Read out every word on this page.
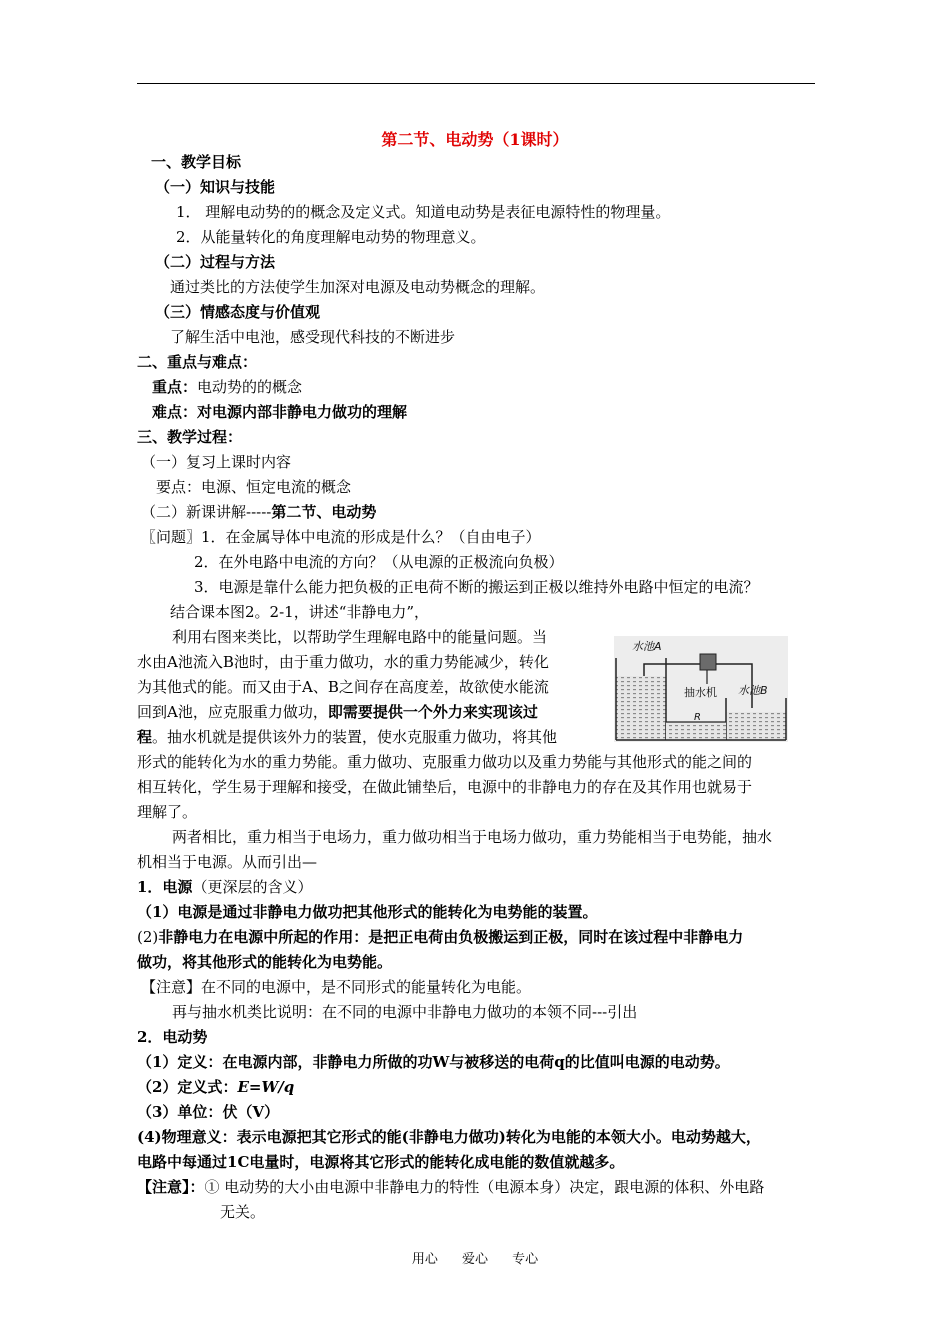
第二节、电动势（1课时）
一、教学目标
（一）知识与技能
1． 理解电动势的的概念及定义式。知道电动势是表征电源特性的物理量。
2．从能量转化的角度理解电动势的物理意义。
（二）过程与方法
通过类比的方法使学生加深对电源及电动势概念的理解。
（三）情感态度与价值观
了解生活中电池，感受现代科技的不断进步
二、重点与难点：
重点：电动势的的概念
难点：对电源内部非静电力做功的理解
三、教学过程：
（一）复习上课时内容
要点：电源、恒定电流的概念
（二）新课讲解-----第二节、电动势
〖问题〗1．在金属导体中电流的形成是什么？（自由电子）
2．在外电路中电流的方向？（从电源的正极流向负极）
3．电源是靠什么能力把负极的正电荷不断的搬运到正极以维持外电路中恒定的电流？
结合课本图2。2-1，讲述“非静电力”，
利用右图来类比，以帮助学生理解电路中的能量问题。当
水由A池流入B池时，由于重力做功，水的重力势能减少，转化
为其他式的能。而又由于A、B之间存在高度差，故欲使水能流
回到A池，应克服重力做功，即需要提供一个外力来实现该过
程。抽水机就是提供该外力的装置，使水克服重力做功，将其他
形式的能转化为水的重力势能。重力做功、克服重力做功以及重力势能与其他形式的能之间的
相互转化，学生易于理解和接受，在做此铺垫后，电源中的非静电力的存在及其作用也就易于
理解了。
两者相比，重力相当于电场力，重力做功相当于电场力做功，重力势能相当于电势能，抽水
机相当于电源。从而引出—
1．电源（更深层的含义）
（1）电源是通过非静电力做功把其他形式的能转化为电势能的装置。
(2)非静电力在电源中所起的作用：是把正电荷由负极搬运到正极，同时在该过程中非静电力
做功，将其他形式的能转化为电势能。
【注意】在不同的电源中，是不同形式的能量转化为电能。
再与抽水机类比说明：在不同的电源中非静电力做功的本领不同---引出
2．电动势
（1）定义：在电源内部，非静电力所做的功W与被移送的电荷q的比值叫电源的电动势。
（2）定义式：E=W/q
（3）单位：伏（V）
(4)物理意义：表示电源把其它形式的能(非静电力做功)转化为电能的本领大小。电动势越大，
电路中每通过1C电量时，电源将其它形式的能转化成电能的数值就越多。
【注意】：① 电动势的大小由电源中非静电力的特性（电源本身）决定，跟电源的体积、外电路
无关。
水池A
抽水机 水池B
R
用心 爱心 专心
